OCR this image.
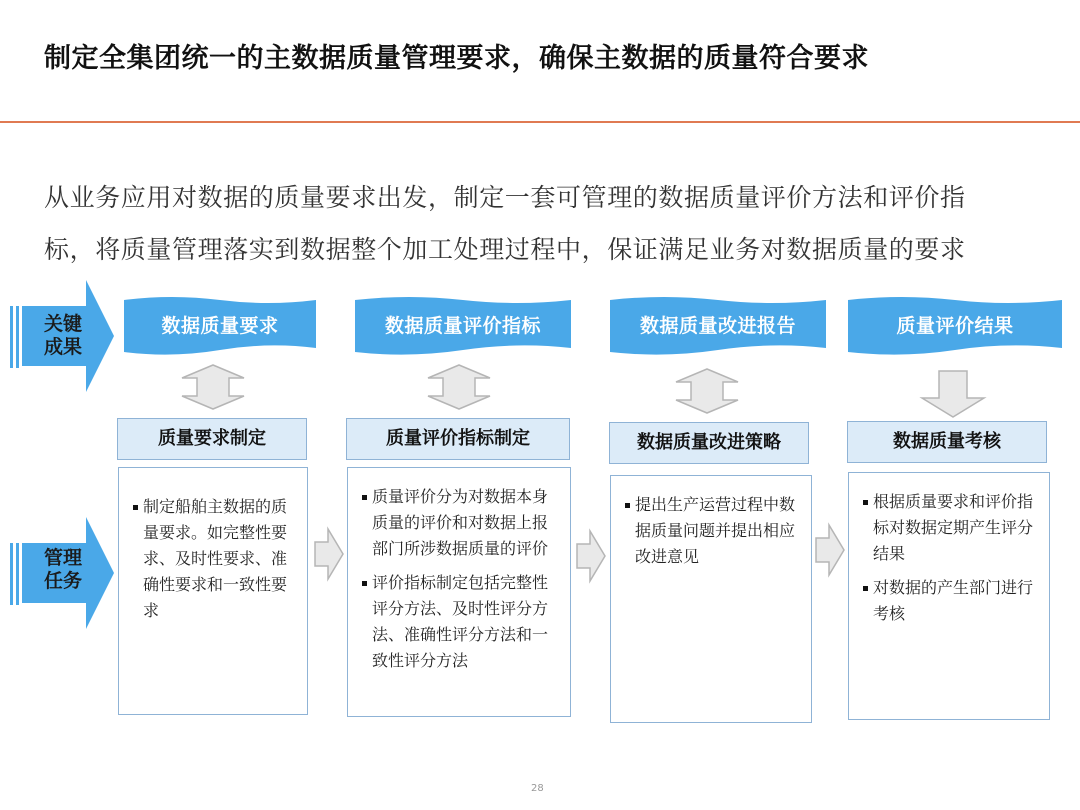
制定全集团统一的主数据质量管理要求，确保主数据的质量符合要求
从业务应用对数据的质量要求出发，制定一套可管理的数据质量评价方法和评价指
标，将质量管理落实到数据整个加工处理过程中，保证满足业务对数据质量的要求
关键
成果
管理
任务
数据质量要求	数据质量评价指标	数据质量改进报告	质量评价结果
质量要求制定	质量评价指标制定	数据质量改进策略	数据质量考核
制定船舶主数据的质量要求。如完整性要求、及时性要求、准确性要求和一致性要求
质量评价分为对数据本身质量的评价和对数据上报部门所涉数据质量的评价
评价指标制定包括完整性评分方法、及时性评分方法、准确性评分方法和一致性评分方法
提出生产运营过程中数据质量问题并提出相应改进意见
根据质量要求和评价指标对数据定期产生评分结果
对数据的产生部门进行考核
28
